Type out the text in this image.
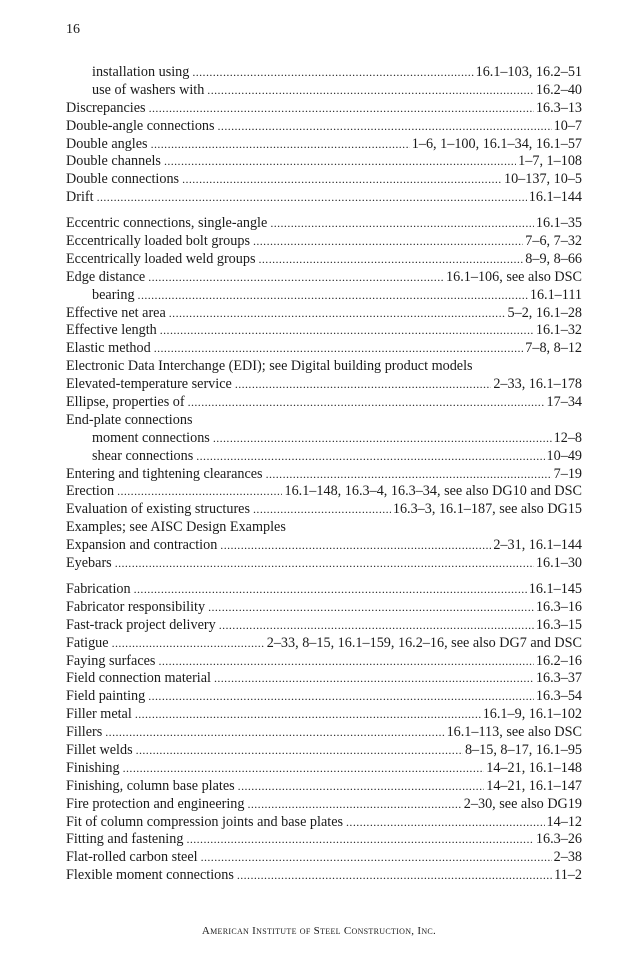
16
installation using . . .	16.1–103, 16.2–51
use of washers with . . .	16.2–40
Discrepancies . . .	16.3–13
Double-angle connections . . .	10–7
Double angles . . .	1–6, 1–100, 16.1–34, 16.1–57
Double channels . . .	1–7, 1–108
Double connections . . .	10–137, 10–5
Drift . . .	16.1–144
Eccentric connections, single-angle . . .	16.1–35
Eccentrically loaded bolt groups . . .	7–6, 7–32
Eccentrically loaded weld groups . . .	8–9, 8–66
Edge distance . . .	16.1–106, see also DSC
bearing . . .	16.1–111
Effective net area . . .	5–2, 16.1–28
Effective length . . .	16.1–32
Elastic method . . .	7–8, 8–12
Electronic Data Interchange (EDI); see Digital building product models
Elevated-temperature service . . .	2–33, 16.1–178
Ellipse, properties of . . .	17–34
End-plate connections
moment connections . . .	12–8
shear connections . . .	10–49
Entering and tightening clearances . . .	7–19
Erection . . .	16.1–148, 16.3–4, 16.3–34, see also DG10 and DSC
Evaluation of existing structures . . .	16.3–3, 16.1–187, see also DG15
Examples; see AISC Design Examples
Expansion and contraction . . .	2–31, 16.1–144
Eyebars . . .	16.1–30
Fabrication . . .	16.1–145
Fabricator responsibility . . .	16.3–16
Fast-track project delivery . . .	16.3–15
Fatigue . . .	2–33, 8–15, 16.1–159, 16.2–16, see also DG7 and DSC
Faying surfaces . . .	16.2–16
Field connection material . . .	16.3–37
Field painting . . .	16.3–54
Filler metal . . .	16.1–9, 16.1–102
Fillers . . .	16.1–113, see also DSC
Fillet welds . . .	8–15, 8–17, 16.1–95
Finishing . . .	14–21, 16.1–148
Finishing, column base plates . . .	14–21, 16.1–147
Fire protection and engineering . . .	2–30, see also DG19
Fit of column compression joints and base plates . . .	14–12
Fitting and fastening . . .	16.3–26
Flat-rolled carbon steel . . .	2–38
Flexible moment connections . . .	11–2
American Institute of Steel Construction, Inc.
